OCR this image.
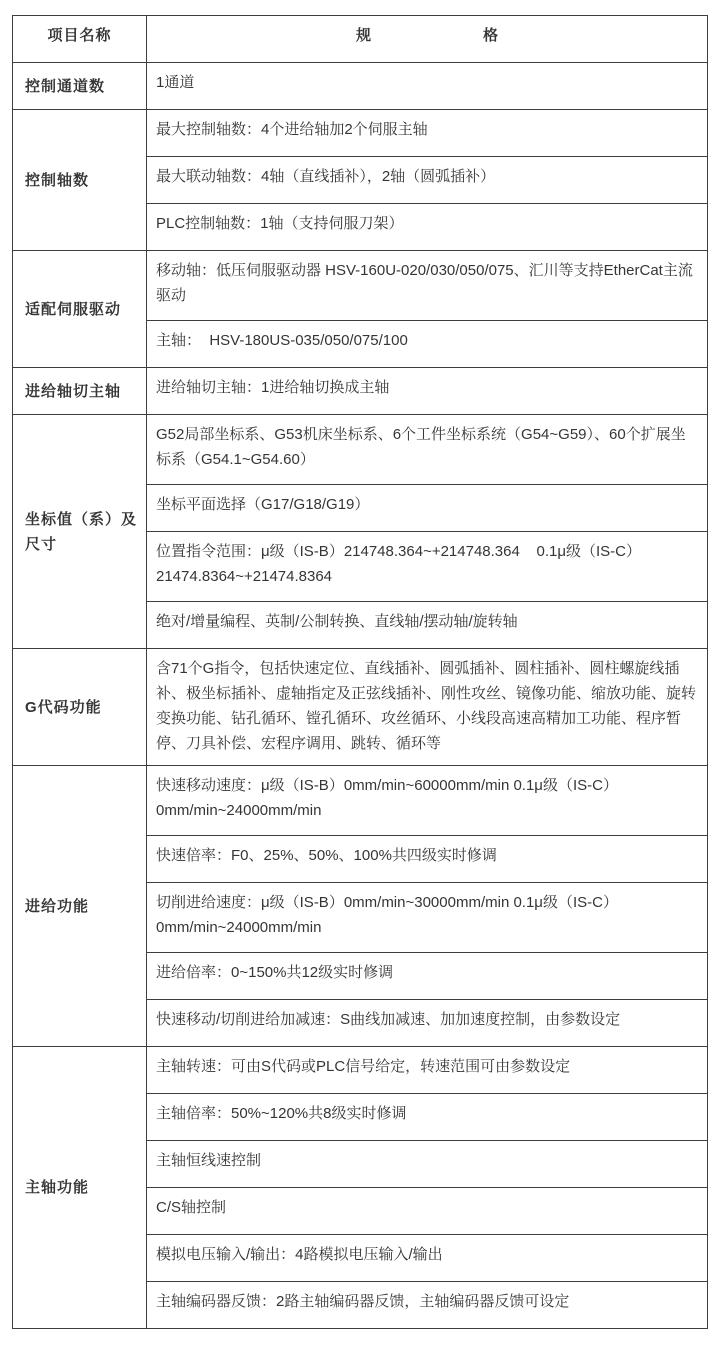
项目名称	规 格

控制通道数	1通道
控制轴数	最大控制轴数：4个进给轴加2个伺服主轴
	最大联动轴数：4轴（直线插补），2轴（圆弧插补）
	PLC控制轴数：1轴（支持伺服刀架）
适配伺服驱动	移动轴：低压伺服驱动器 HSV-160U-020/030/050/075、汇川等支持EtherCat主流驱动
	主轴：  HSV-180US-035/050/075/100
进给轴切主轴	进给轴切主轴：1进给轴切换成主轴
坐标值（系）及尺寸	G52局部坐标系、G53机床坐标系、6个工件坐标系统（G54~G59）、60个扩展坐标系（G54.1~G54.60）
	坐标平面选择（G17/G18/G19）
	位置指令范围：μ级（IS-B）214748.364~+214748.364    0.1μ级（IS-C）21474.8364~+21474.8364
	绝对/增量编程、英制/公制转换、直线轴/摆动轴/旋转轴
G代码功能	含71个G指令，包括快速定位、直线插补、圆弧插补、圆柱插补、圆柱螺旋线插补、极坐标插补、虚轴指定及正弦线插补、刚性攻丝、镜像功能、缩放功能、旋转变换功能、钻孔循环、镗孔循环、攻丝循环、小线段高速高精加工功能、程序暂停、刀具补偿、宏程序调用、跳转、循环等
进给功能	快速移动速度：μ级（IS-B）0mm/min~60000mm/min 0.1μ级（IS-C）0mm/min~24000mm/min
	快速倍率：F0、25%、50%、100%共四级实时修调
	切削进给速度：μ级（IS-B）0mm/min~30000mm/min 0.1μ级（IS-C）0mm/min~24000mm/min
	进给倍率：0~150%共12级实时修调
	快速移动/切削进给加减速：S曲线加减速、加加速度控制，由参数设定
主轴功能	主轴转速：可由S代码或PLC信号给定，转速范围可由参数设定
	主轴倍率：50%~120%共8级实时修调
	主轴恒线速控制
	C/S轴控制
	模拟电压输入/输出：4路模拟电压输入/输出
	主轴编码器反馈：2路主轴编码器反馈，主轴编码器反馈可设定
